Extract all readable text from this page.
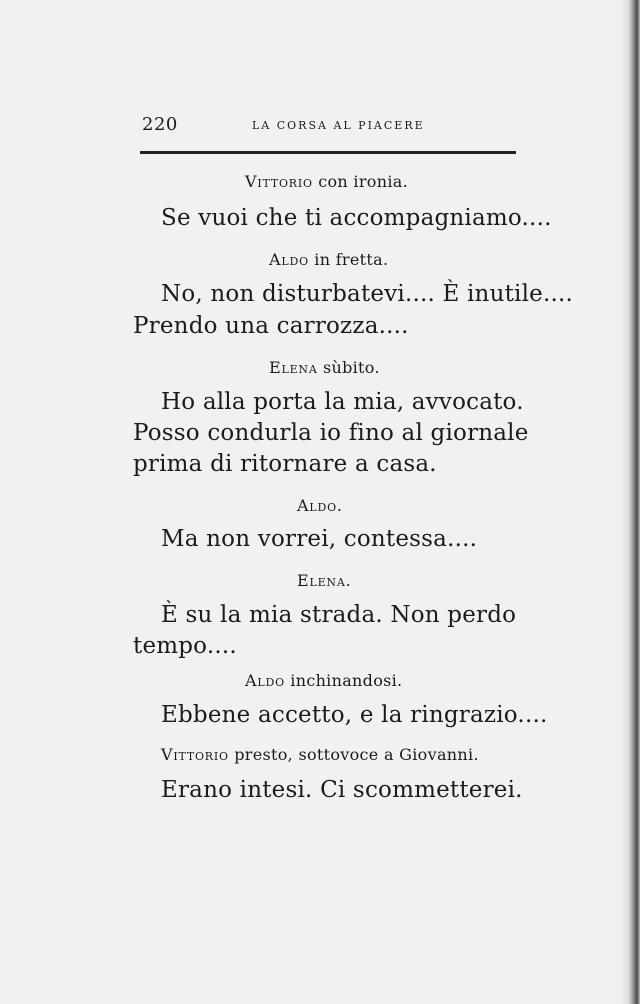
220	LA CORSA AL PIACERE
Vittorio con ironia.
Se vuoi che ti accompagniamo....
Aldo in fretta.
No, non disturbatevi.... È inutile....
Prendo una carrozza....
Elena sùbito.
Ho alla porta la mia, avvocato.
Posso condurla io fino al giornale
prima di ritornare a casa.
Aldo.
Ma non vorrei, contessa....
Elena.
È su la mia strada. Non perdo
tempo....
Aldo inchinandosi.
Ebbene accetto, e la ringrazio....
Vittorio presto, sottovoce a Giovanni.
Erano intesi. Ci scommetterei.
